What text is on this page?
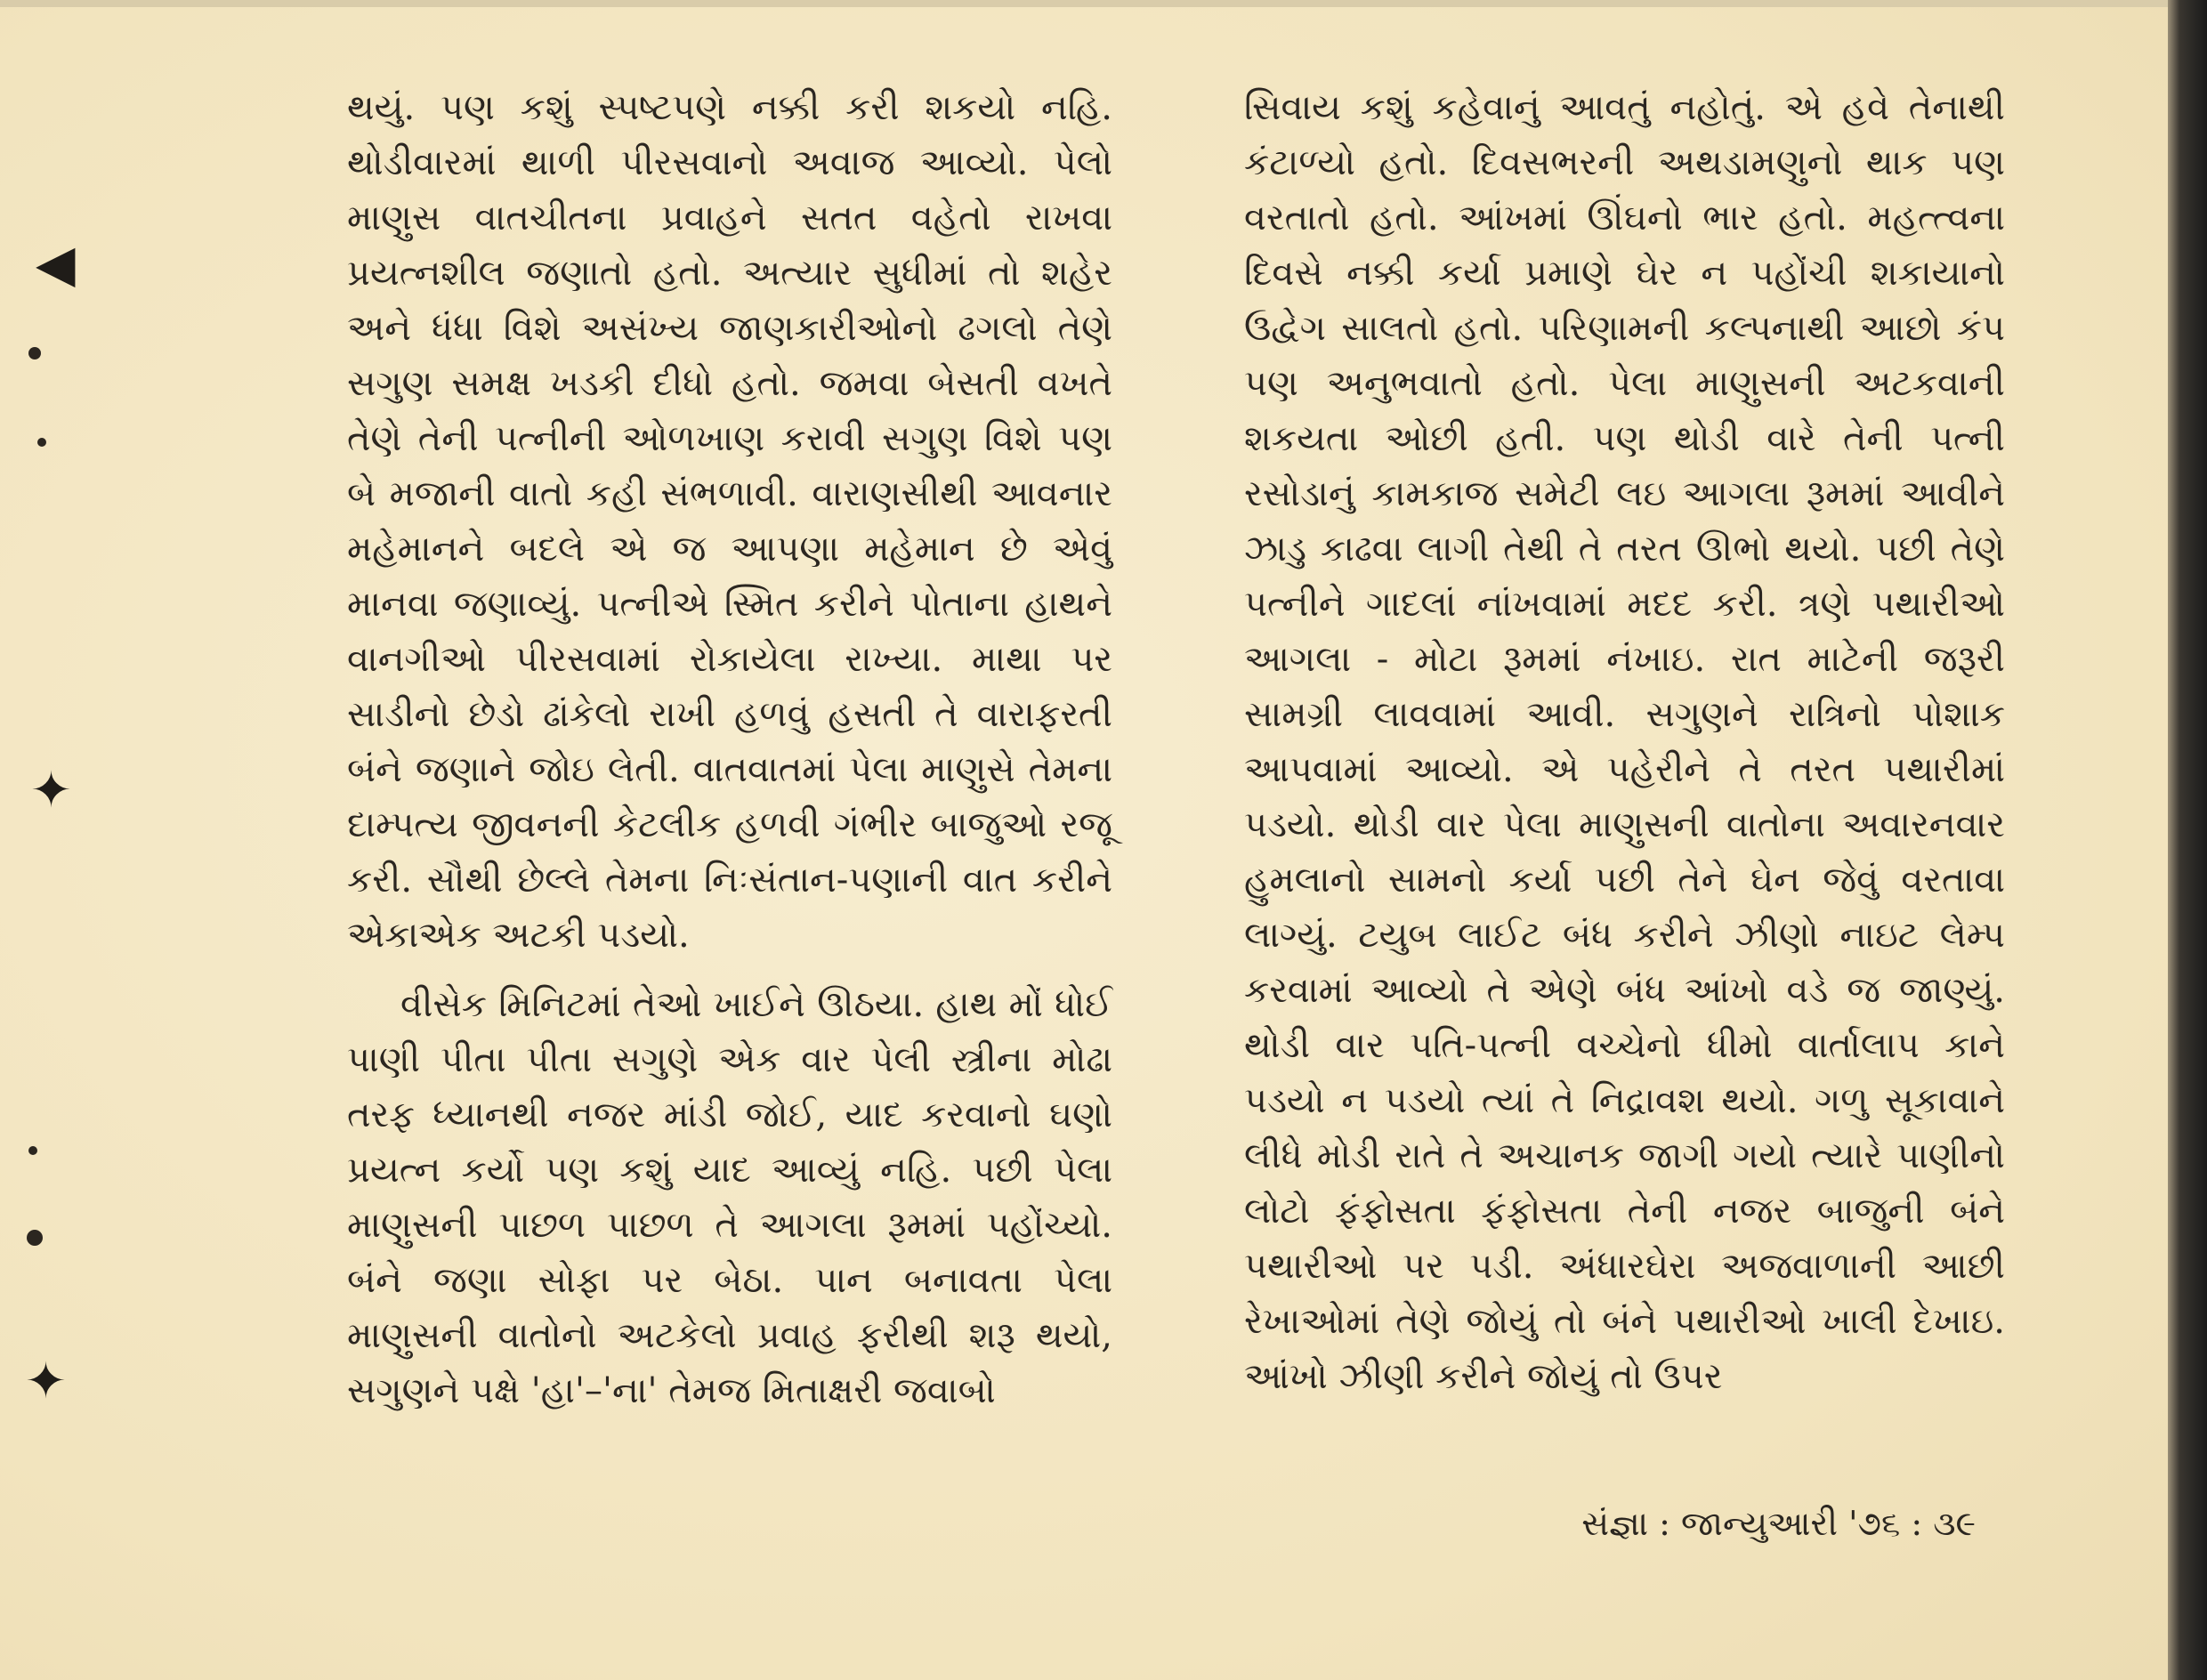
◀
✦
✦

થયું. પણ કશું સ્પષ્ટપણે નક્કી કરી શકયો નહિ. થોડીવારમાં થાળી પીરસવાનો અવાજ આવ્યો. પેલો માણુસ વાતચીતના પ્રવાહને સતત વહેતો રાખવા પ્રયત્નશીલ જણાતો હતો. અત્યાર સુધીમાં તો શહેર અને ધંધા વિશે અસંખ્ય જાણકારીઓનો ઢગલો તેણે સગુણ સમક્ષ ખડકી દીધો હતો. જમવા બેસતી વખતે તેણે તેની પત્નીની ઓળખાણ કરાવી સગુણ વિશે પણ બે મજાની વાતો કહી સંભળાવી. વારાણસીથી આવનાર મહેમાનને બદલે એ જ આપણા મહેમાન છે એવું માનવા જણાવ્યું. પત્નીએ સ્મિત કરીને પોતાના હાથને વાનગીઓ પીરસવામાં રોકાયેલા રાખ્યા. માથા પર સાડીનો છેડો ઢાંકેલો રાખી હળવું હસતી તે વારાફરતી બંને જણાને જોઇ લેતી. વાતવાતમાં પેલા માણુસે તેમના દામ્પત્ય જીવનની કેટલીક હળવી ગંભીર બાજુઓ રજૂ કરી. સૌથી છેલ્લે તેમના નિઃસંતાન-પણાની વાત કરીને એકાએક અટકી પડયો.

વીસેક મિનિટમાં તેઓ ખાઈને ઊઠયા. હાથ મોં ધોઈ પાણી પીતા પીતા સગુણે એક વાર પેલી સ્ત્રીના મોઢા તરફ ધ્યાનથી નજર માંડી જોઈ, યાદ કરવાનો ઘણો પ્રયત્ન કર્યો પણ કશું યાદ આવ્યું નહિ. પછી પેલા માણુસની પાછળ પાછળ તે આગલા રૂમમાં પહોંચ્યો. બંને જણા સોફા પર બેઠા. પાન બનાવતા પેલા માણુસની વાતોનો અટકેલો પ્રવાહ ફરીથી શરૂ થયો, સગુણને પક્ષે 'હા'–'ના' તેમજ મિતાક્ષરી જવાબો

સિવાય કશું કહેવાનું આવતું નહોતું. એ હવે તેનાથી કંટાળ્યો હતો. દિવસભરની અથડામણુનો થાક પણ વરતાતો હતો. આંખમાં ઊંઘનો ભાર હતો. મહત્ત્વના દિવસે નક્કી કર્યા પ્રમાણે ઘેર ન પહોંચી શકાયાનો ઉદ્વેગ સાલતો હતો. પરિણામની કલ્પનાથી આછો કંપ પણ અનુભવાતો હતો. પેલા માણુસની અટકવાની શકયતા ઓછી હતી. પણ થોડી વારે તેની પત્ની રસોડાનું કામકાજ સમેટી લઇ આગલા રૂમમાં આવીને ઝાડુ કાઢવા લાગી તેથી તે તરત ઊભો થયો. પછી તેણે પત્નીને ગાદલાં નાંખવામાં મદદ કરી. ત્રણે પથારીઓ આગલા - મોટા રૂમમાં નંખાઇ. રાત માટેની જરૂરી સામગ્રી લાવવામાં આવી. સગુણને રાત્રિનો પોશાક આપવામાં આવ્યો. એ પહેરીને તે તરત પથારીમાં પડયો. થોડી વાર પેલા માણુસની વાતોના અવારનવાર હુમલાનો સામનો કર્યા પછી તેને ઘેન જેવું વરતાવા લાગ્યું. ટયુબ લાઈટ બંધ કરીને ઝીણો નાઇટ લેમ્પ કરવામાં આવ્યો તે એણે બંધ આંખો વડે જ જાણ્યું. થોડી વાર પતિ-પત્ની વચ્ચેનો ધીમો વાર્તાલાપ કાને પડયો ન પડયો ત્યાં તે નિદ્રાવશ થયો. ગળુ સૂકાવાને લીધે મોડી રાતે તે અચાનક જાગી ગયો ત્યારે પાણીનો લોટો ફંફોસતા ફંફોસતા તેની નજર બાજુની બંને પથારીઓ પર પડી. અંધારઘેરા અજવાળાની આછી રેખાઓમાં તેણે જોયું તો બંને પથારીઓ ખાલી દેખાઇ. આંખો ઝીણી કરીને જોયું તો ઉપર

સંજ્ઞા : જાન્યુઆરી '૭૬ : ૩૯
